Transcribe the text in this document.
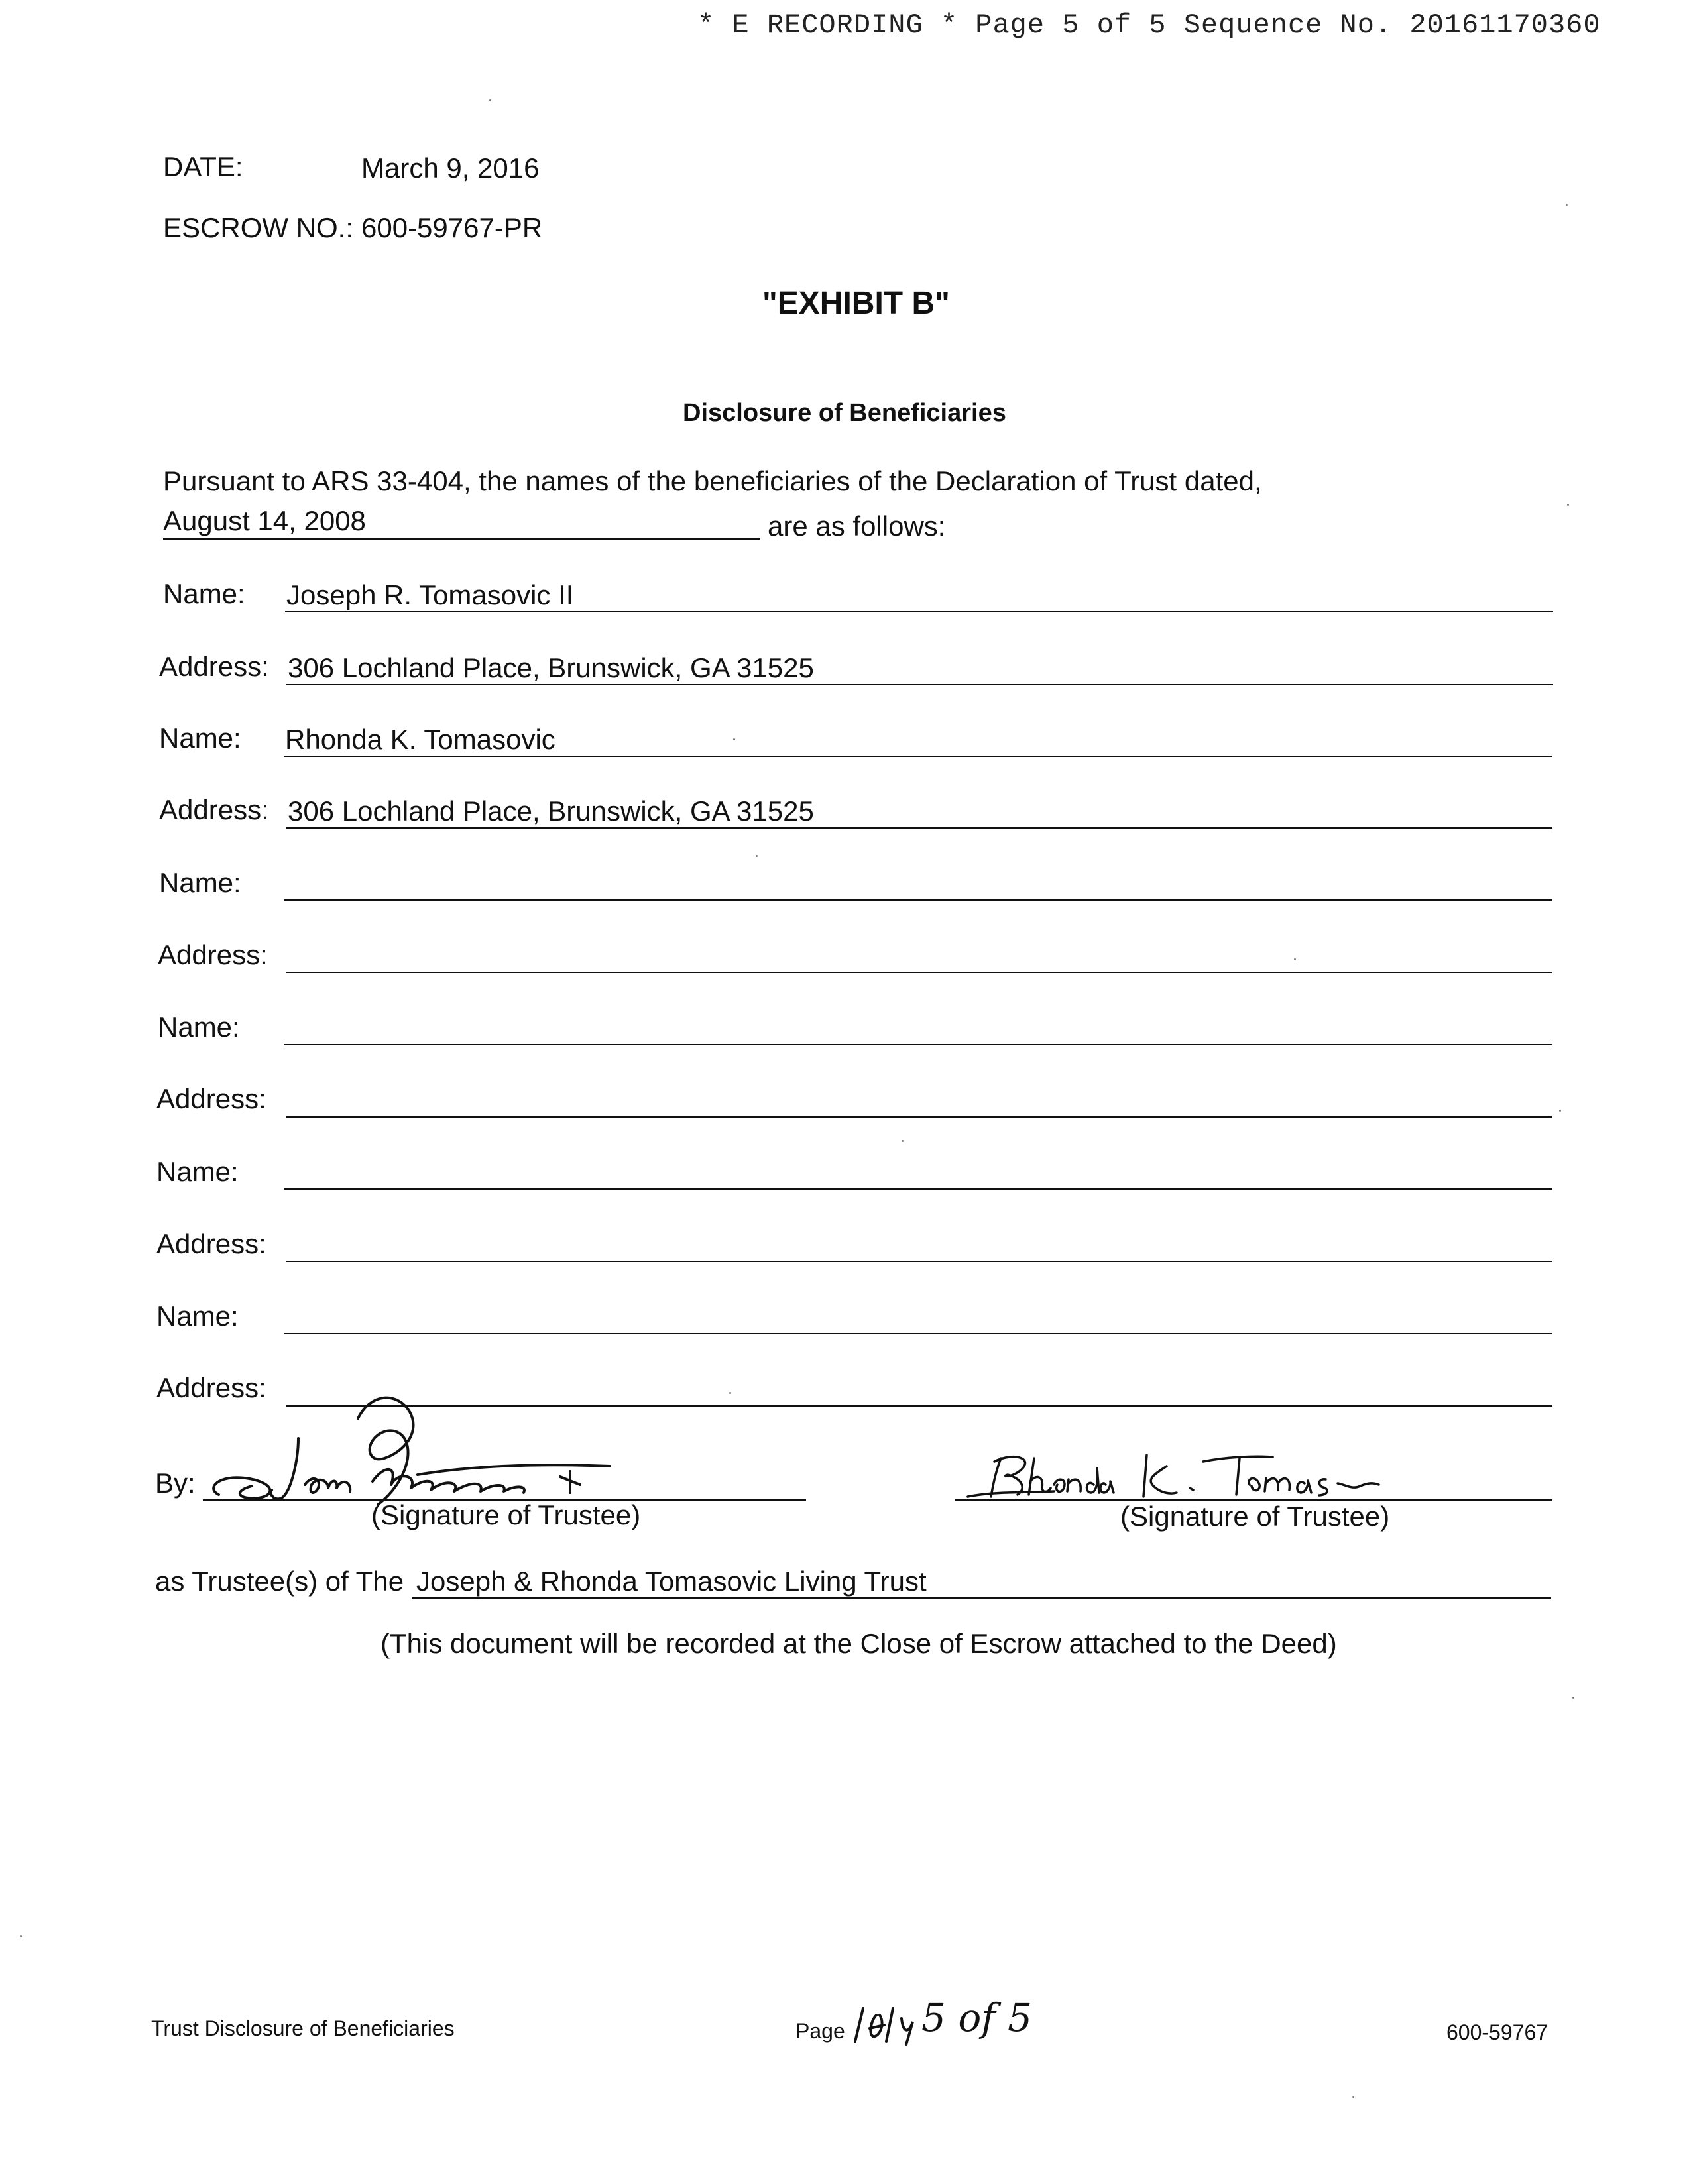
* E RECORDING * Page 5 of 5 Sequence No. 20161170360
DATE:	March 9, 2016
ESCROW NO.: 600-59767-PR
"EXHIBIT B"
Disclosure of Beneficiaries
Pursuant to ARS 33-404, the names of the beneficiaries of the Declaration of Trust dated,
August 14, 2008	are as follows:
Name: Joseph R. Tomasovic II
Address: 306 Lochland Place, Brunswick, GA 31525
Name: Rhonda K. Tomasovic
Address: 306 Lochland Place, Brunswick, GA 31525
Name:
Address:
Name:
Address:
Name:
Address:
Name:
Address:
By:
(Signature of Trustee)	(Signature of Trustee)
as Trustee(s) of The Joseph & Rhonda Tomasovic Living Trust
(This document will be recorded at the Close of Escrow attached to the Deed)
Trust Disclosure of Beneficiaries	Page 5 of 5	600-59767
